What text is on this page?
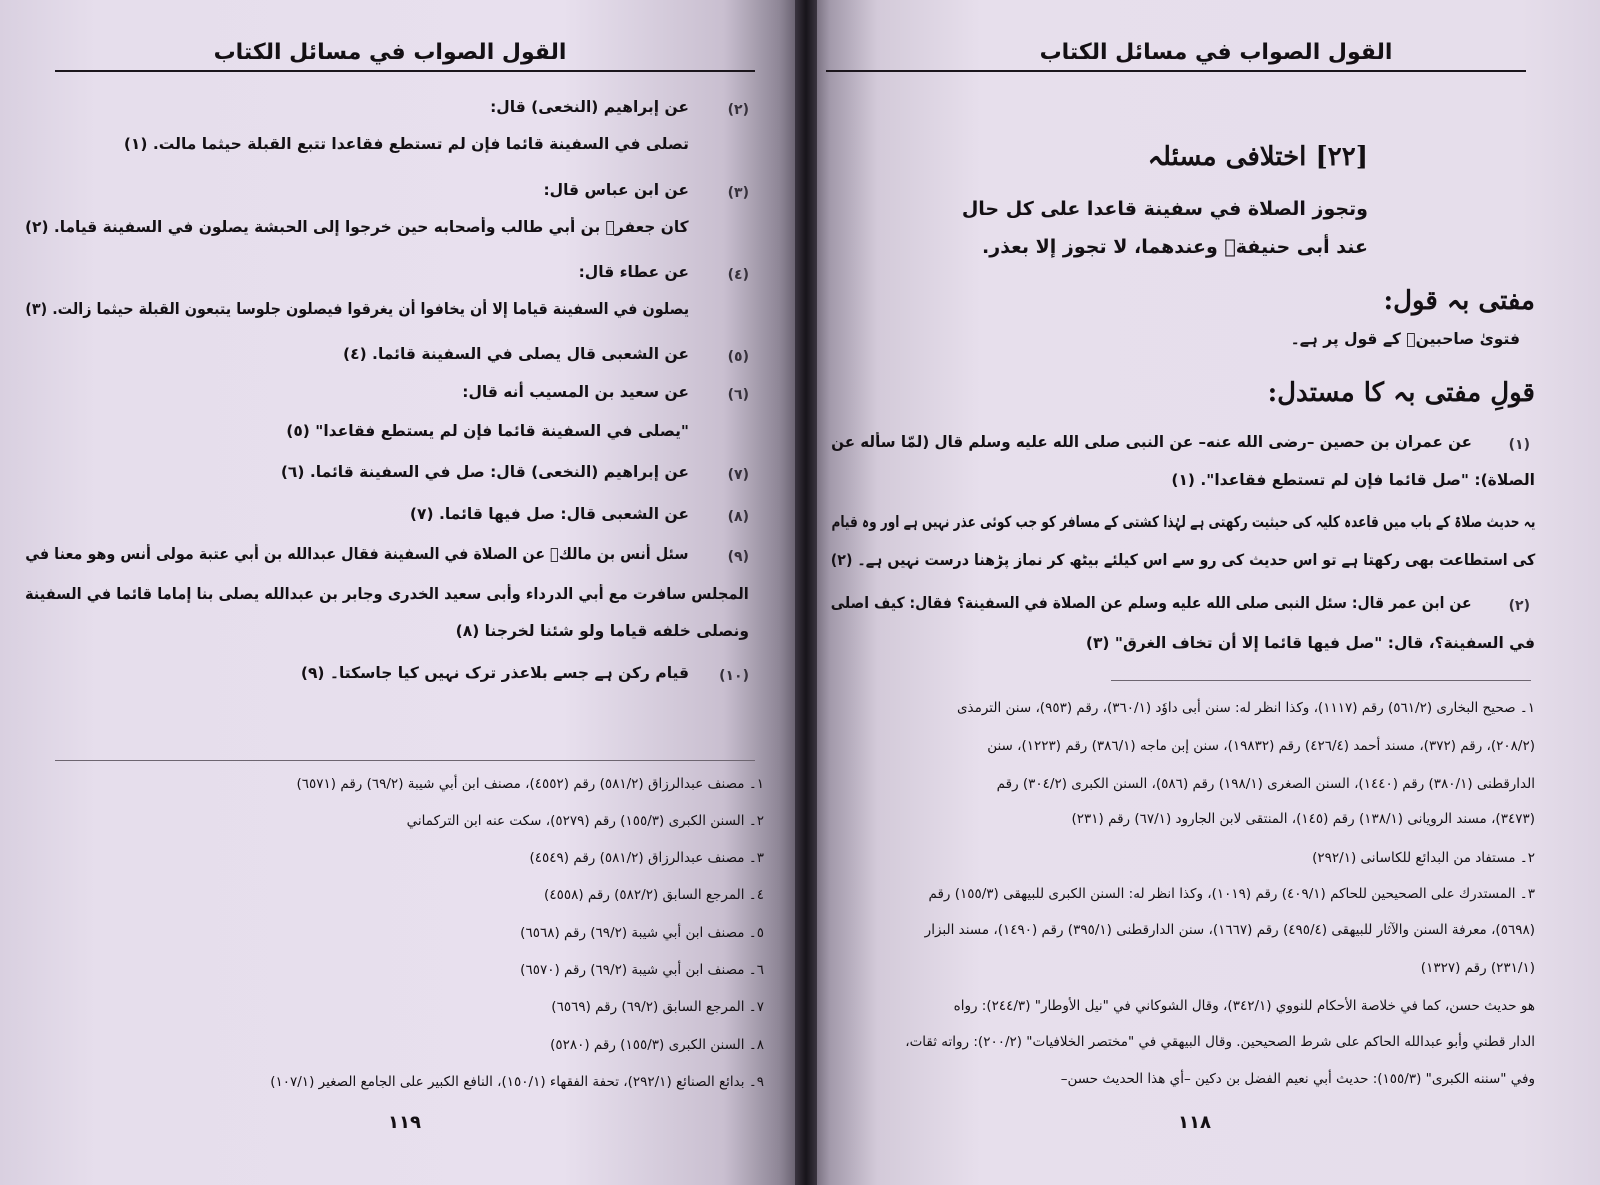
القول الصواب في مسائل الكتاب
(٢)
عن إبراهيم (النخعى) قال:
تصلى في السفينة قائما فإن لم تستطع فقاعدا تتبع القبلة حيثما مالت. (١)
(٣)
عن ابن عباس قال:
كان جعفرؓ بن أبي طالب وأصحابه حين خرجوا إلى الحبشة يصلون في السفينة قياما. (٢)
(٤)
عن عطاء قال:
يصلون في السفينة قياما إلا أن يخافوا أن يغرقوا فيصلون جلوسا يتبعون القبلة حيثما زالت. (٣)
(٥)
عن الشعبى قال يصلى في السفينة قائما. (٤)
(٦)
عن سعيد بن المسيب أنه قال:
"يصلى في السفينة قائما فإن لم يستطع فقاعدا" (٥)
(٧)
عن إبراهيم (النخعى) قال: صل في السفينة قائما. (٦)
(٨)
عن الشعبى قال: صل فيها قائما. (٧)
(٩)
سئل أنس بن مالكؓ عن الصلاة في السفينة فقال عبدالله بن أبي عتبة مولى أنس وهو معنا في
المجلس سافرت مع أبي الدرداء وأبى سعيد الخدرى وجابر بن عبدالله يصلى بنا إماما قائما في السفينة
ونصلى خلفه قياما ولو شئنا لخرجنا (٨)
(١٠)
قیام رکن ہے جسے بلاعذر ترک نہیں کیا جاسکتا۔ (٩)
١۔ مصنف عبدالرزاق (٥٨١/٢) رقم (٤٥٥٢)، مصنف ابن أبي شيبة (٦٩/٢) رقم (٦٥٧١)
٢۔ السنن الكبرى (١٥٥/٣) رقم (٥٢٧٩)، سكت عنه ابن التركماني
٣۔ مصنف عبدالرزاق (٥٨١/٢) رقم (٤٥٤٩)
٤۔ المرجع السابق (٥٨٢/٢) رقم (٤٥٥٨)
٥۔ مصنف ابن أبي شيبة (٦٩/٢) رقم (٦٥٦٨)
٦۔ مصنف ابن أبي شيبة (٦٩/٢) رقم (٦٥٧٠)
٧۔ المرجع السابق (٦٩/٢) رقم (٦٥٦٩)
٨۔ السنن الكبرى (١٥٥/٣) رقم (٥٢٨٠)
٩۔ بدائع الصنائع (٢٩٢/١)، تحفة الفقهاء (١٥٠/١)، النافع الكبير على الجامع الصغير (١٠٧/١)
١١٩
القول الصواب في مسائل الكتاب
[٢٢] اختلافی مسئلہ
وتجوز الصلاة في سفينة قاعدا على كل حال
عند أبى حنيفةؒ وعندهما، لا تجوز إلا بعذر.
مفتی بہ قول:
فتویٰ صاحبینؒ کے قول پر ہے۔
قولِ مفتی بہ کا مستدل:
(١)
عن عمران بن حصين –رضى الله عنه– عن النبى صلى الله عليه وسلم قال (لمّا سأله عن
الصلاة): "صل قائما فإن لم تستطع فقاعدا". (١)
یہ حدیث صلاۃ کے باب میں قاعدہ کلیہ کی حیثیت رکھتی ہے لہٰذا کشتی کے مسافر کو جب کوئی عذر نہیں ہے اور وہ قیام
کی استطاعت بھی رکھتا ہے تو اس حدیث کی رو سے اس کیلئے بیٹھ کر نماز پڑھنا درست نہیں ہے۔ (٢)
(٢)
عن ابن عمر قال: سئل النبى صلى الله عليه وسلم عن الصلاة في السفينة؟ فقال: كيف اصلى
في السفينة؟، قال: "صل فيها قائما إلا أن تخاف الغرق" (٣)
١۔ صحيح البخارى (٥٦١/٢) رقم (١١١٧)، وكذا انظر له: سنن أبى داوٗد (٣٦٠/١)، رقم (٩٥٣)، سنن الترمذى
(٢٠٨/٢)، رقم (٣٧٢)، مسند أحمد (٤٢٦/٤) رقم (١٩٨٣٢)، سنن إبن ماجه (٣٨٦/١) رقم (١٢٢٣)، سنن
الدارقطنى (٣٨٠/١) رقم (١٤٤٠)، السنن الصغرى (١٩٨/١) رقم (٥٨٦)، السنن الكبرى (٣٠٤/٢) رقم
(٣٤٧٣)، مسند الرويانى (١٣٨/١) رقم (١٤٥)، المنتقى لابن الجارود (٦٧/١) رقم (٢٣١)
٢۔ مستفاد من البدائع للكاسانى (٢٩٢/١)
٣۔ المستدرك على الصحيحين للحاكم (٤٠٩/١) رقم (١٠١٩)، وكذا انظر له: السنن الكبرى للبيهقى (١٥٥/٣) رقم
(٥٦٩٨)، معرفة السنن والآثار للبيهقى (٤٩٥/٤) رقم (١٦٦٧)، سنن الدارقطنى (٣٩٥/١) رقم (١٤٩٠)، مسند البزار
(٢٣١/١) رقم (١٣٢٧)
هو حديث حسن، كما في خلاصة الأحكام للنووي (٣٤٢/١)، وقال الشوكاني في "نيل الأوطار" (٢٤٤/٣): رواه
الدار قطني وأبو عبدالله الحاكم على شرط الصحيحين. وقال البيهقي في "مختصر الخلافيات" (٢٠٠/٢): رواته ثقات،
وفي "سننه الكبرى" (١٥٥/٣): حديث أبي نعيم الفضل بن دكين –أي هذا الحديث حسن–
١١٨
